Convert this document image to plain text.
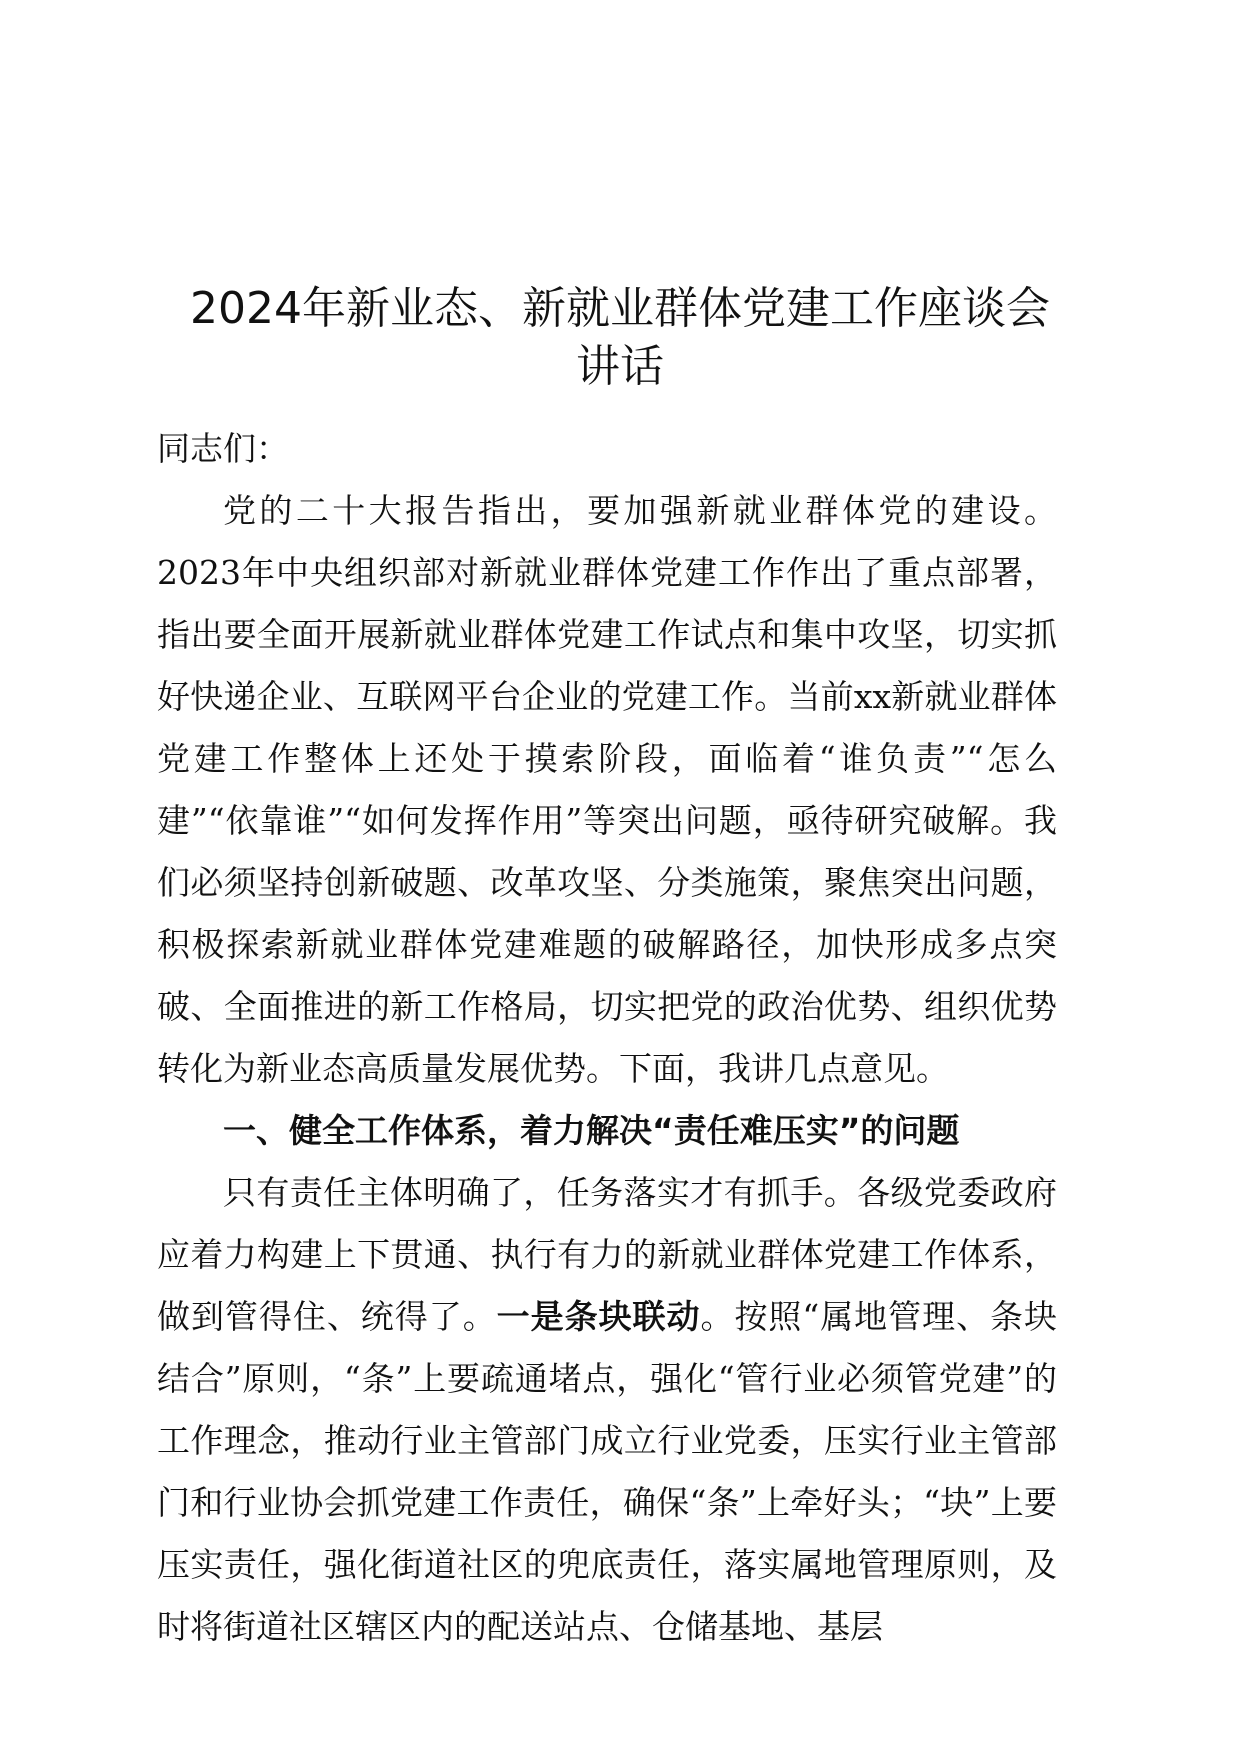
2024年新业态、新就业群体党建工作座谈会
讲话

同志们：

党的二十大报告指出，要加强新就业群体党的建设。2023年中央组织部对新就业群体党建工作作出了重点部署，指出要全面开展新就业群体党建工作试点和集中攻坚，切实抓好快递企业、互联网平台企业的党建工作。当前xx新就业群体党建工作整体上还处于摸索阶段，面临着“谁负责”“怎么建”“依靠谁”“如何发挥作用”等突出问题，亟待研究破解。我们必须坚持创新破题、改革攻坚、分类施策，聚焦突出问题，积极探索新就业群体党建难题的破解路径，加快形成多点突破、全面推进的新工作格局，切实把党的政治优势、组织优势转化为新业态高质量发展优势。下面，我讲几点意见。

一、健全工作体系，着力解决“责任难压实”的问题

只有责任主体明确了，任务落实才有抓手。各级党委政府应着力构建上下贯通、执行有力的新就业群体党建工作体系，做到管得住、统得了。一是条块联动。按照“属地管理、条块结合”原则，“条”上要疏通堵点，强化“管行业必须管党建”的工作理念，推动行业主管部门成立行业党委，压实行业主管部门和行业协会抓党建工作责任，确保“条”上牵好头；“块”上要压实责任，强化街道社区的兜底责任，落实属地管理原则，及时将街道社区辖区内的配送站点、仓储基地、基层
